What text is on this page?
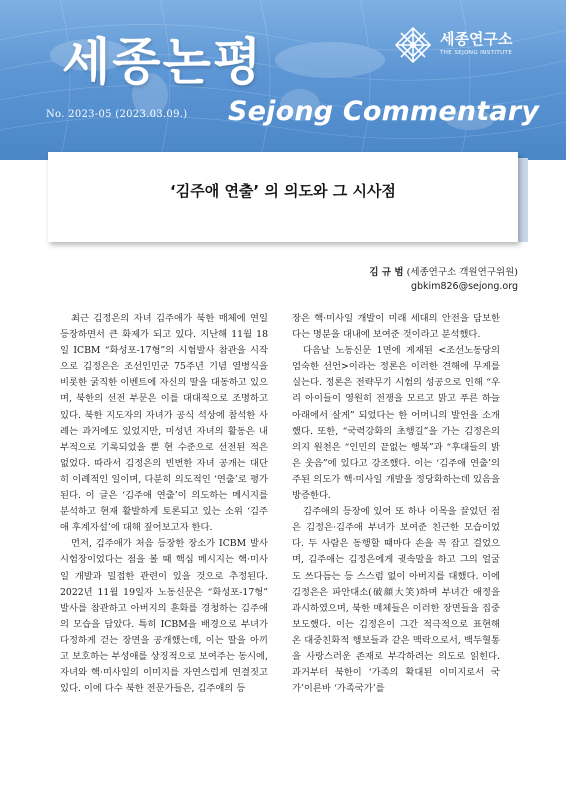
세종논평	세종연구소
THE SEJONG INSTITUTE
No. 2023-05 (2023.03.09.) Sejong Commentary
‘김주애 연출’ 의 의도와 그 시사점
김 규 범 (세종연구소 객원연구위원)
gbkim826@sejong.org

최근 김정은의 자녀 김주애가 북한 매체에 연일 등장하면서 큰 화제가 되고 있다. 지난해 11월 18일 ICBM “화성포-17형”의 시험발사 참관을 시작으로 김정은은 조선인민군 75주년 기념 열병식을 비롯한 굵직한 이벤트에 자신의 딸을 대동하고 있으며, 북한의 선전 부문은 이를 대대적으로 조명하고 있다. 북한 지도자의 자녀가 공식 석상에 참석한 사례는 과거에도 있었지만, 미성년 자녀의 활동은 내부적으로 기록되었을 뿐 현 수준으로 선전된 적은 없었다. 따라서 김정은의 빈번한 자녀 공개는 대단히 이례적인 일이며, 다분히 의도적인 ‘연출’로 평가된다. 이 글은 ‘김주애 연출’이 의도하는 메시지를 분석하고 현재 활발하게 토론되고 있는 소위 ‘김주애 후계자설’에 대해 짚어보고자 한다.

먼저, 김주애가 처음 등장한 장소가 ICBM 발사 시험장이었다는 점을 볼 때 핵심 메시지는 핵·미사일 개발과 밀접한 관련이 있을 것으로 추정된다. 2022년 11월 19일자 노동신문은 “화성포-17형” 발사를 참관하고 아버지의 훈화를 경청하는 김주애의 모습을 담았다. 특히 ICBM을 배경으로 부녀가 다정하게 걷는 장면을 공개했는데, 이는 딸을 아끼고 보호하는 부성애를 상징적으로 보여주는 동시에, 자녀와 핵·미사일의 이미지를 자연스럽게 연결짓고 있다. 이에 다수 북한 전문가들은, 김주애의 등

장은 핵·미사일 개발이 미래 세대의 안전을 담보한다는 명분을 대내에 보여준 것이라고 분석했다.

다음날 노동신문 1면에 게재된 <조선노동당의 엄숙한 선언>이라는 정론은 이러한 견해에 무게를 실는다. 정론은 전략무기 시험의 성공으로 인해 “우리 아이들이 영원히 전쟁을 모르고 맑고 푸른 하늘 아래에서 살게” 되었다는 한 어머니의 발언을 소개했다. 또한, “국력강화의 초행길”을 가는 김정은의 의지 원천은 “인민의 끝없는 행복”과 “후대들의 밝은 웃음”에 있다고 강조했다. 이는 ‘김주애 연출’의 주된 의도가 핵·미사일 개발을 정당화하는데 있음을 방증한다.

김주애의 등장에 있어 또 하나 이목을 끌었던 점은 김정은·김주애 부녀가 보여준 친근한 모습이었다. 두 사람은 동행할 때마다 손을 꼭 잡고 걸었으며, 김주애는 김정은에게 귓속말을 하고 그의 얼굴도 쓰다듬는 등 스스럼 없이 아버지를 대했다. 이에 김정은은 파안대소(破顔大笑)하며 부녀간 애정을 과시하였으며, 북한 매체들은 이러한 장면들을 집중 보도했다. 이는 김정은이 그간 적극적으로 표현해 온 대중친화적 행보들과 같은 맥락으로서, 백두혈통을 사랑스러운 존재로 부각하려는 의도로 읽힌다. 과거부터 북한이 ‘가족의 확대된 이미지로서 국가’이른바 ‘가족국가’를
